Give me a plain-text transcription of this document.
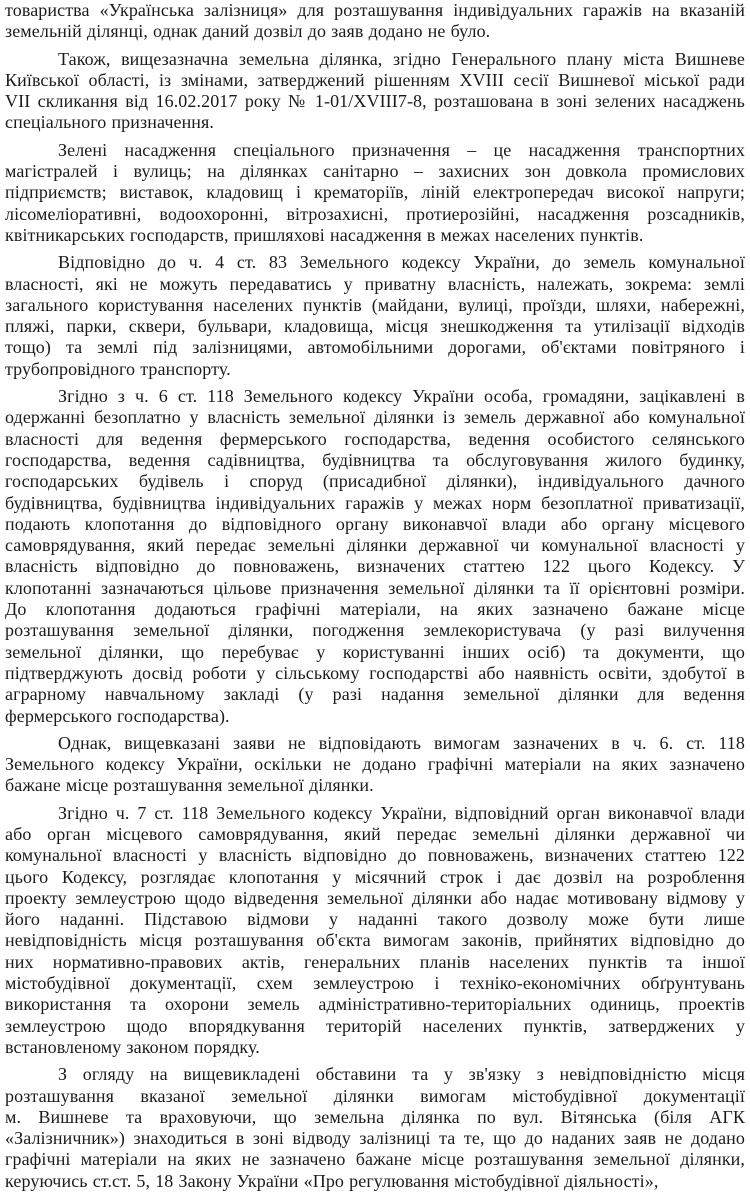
товариства «Українська залізниця» для розташування індивідуальних гаражів на вказаній
земельній ділянці, однак даний дозвіл до заяв додано не було.
Також, вищезазначна земельна ділянка, згідно Генерального плану міста Вишневе
Київської області, із змінами, затверджений рішенням XVIII сесії Вишневої міської ради
VII скликання від 16.02.2017 року № 1-01/XVIII7-8, розташована в зоні зелених насаджень
спеціального призначення.
Зелені насадження спеціального призначення – це насадження транспортних
магістралей і вулиць; на ділянках санітарно – захисних зон довкола промислових
підприємств; виставок, кладовищ і крематоріїв, ліній електропередач високої напруги;
лісомеліоративні, водоохоронні, вітрозахисні, протиерозійні, насадження розсадників,
квітникарських господарств, пришляхові насадження в межах населених пунктів.
Відповідно до ч. 4 ст. 83 Земельного кодексу України, до земель комунальної
власності, які не можуть передаватись у приватну власність, належать, зокрема: землі
загального користування населених пунктів (майдани, вулиці, проїзди, шляхи, набережні,
пляжі, парки, сквери, бульвари, кладовища, місця знешкодження та утилізації відходів
тощо) та землі під залізницями, автомобільними дорогами, об'єктами повітряного і
трубопровідного транспорту.
Згідно з ч. 6 ст. 118 Земельного кодексу України особа, громадяни, зацікавлені в
одержанні безоплатно у власність земельної ділянки із земель державної або комунальної
власності для ведення фермерського господарства, ведення особистого селянського
господарства, ведення садівництва, будівництва та обслуговування жилого будинку,
господарських будівель і споруд (присадибної ділянки), індивідуального дачного
будівництва, будівництва індивідуальних гаражів у межах норм безоплатної приватизації,
подають клопотання до відповідного органу виконавчої влади або органу місцевого
самоврядування, який передає земельні ділянки державної чи комунальної власності у
власність відповідно до повноважень, визначених статтею 122 цього Кодексу. У
клопотанні зазначаються цільове призначення земельної ділянки та її орієнтовні розміри.
До клопотання додаються графічні матеріали, на яких зазначено бажане місце
розташування земельної ділянки, погодження землекористувача (у разі вилучення
земельної ділянки, що перебуває у користуванні інших осіб) та документи, що
підтверджують досвід роботи у сільському господарстві або наявність освіти, здобутої в
аграрному навчальному закладі (у разі надання земельної ділянки для ведення
фермерського господарства).
Однак, вищевказані заяви не відповідають вимогам зазначених в ч. 6. ст. 118
Земельного кодексу України, оскільки не додано графічні матеріали на яких зазначено
бажане місце розташування земельної ділянки.
Згідно ч. 7 ст. 118 Земельного кодексу України, відповідний орган виконавчої влади
або орган місцевого самоврядування, який передає земельні ділянки державної чи
комунальної власності у власність відповідно до повноважень, визначених статтею 122
цього Кодексу, розглядає клопотання у місячний строк і дає дозвіл на розроблення
проекту землеустрою щодо відведення земельної ділянки або надає мотивовану відмову у
його наданні. Підставою відмови у наданні такого дозволу може бути лише
невідповідність місця розташування об'єкта вимогам законів, прийнятих відповідно до
них нормативно-правових актів, генеральних планів населених пунктів та іншої
містобудівної документації, схем землеустрою і техніко-економічних обґрунтувань
використання та охорони земель адміністративно-територіальних одиниць, проектів
землеустрою щодо впорядкування територій населених пунктів, затверджених у
встановленому законом порядку.
З огляду на вищевикладені обставини та у зв'язку з невідповідністю місця
розташування вказаної земельної ділянки вимогам містобудівної документації
м. Вишневе та враховуючи, що земельна ділянка по вул. Вітянська (біля АГК
«Залізничник») знаходиться в зоні відводу залізниці та те, що до наданих заяв не додано
графічні матеріали на яких не зазначено бажане місце розташування земельної ділянки,
керуючись ст.ст. 5, 18 Закону України «Про регулювання містобудівної діяльності»,
